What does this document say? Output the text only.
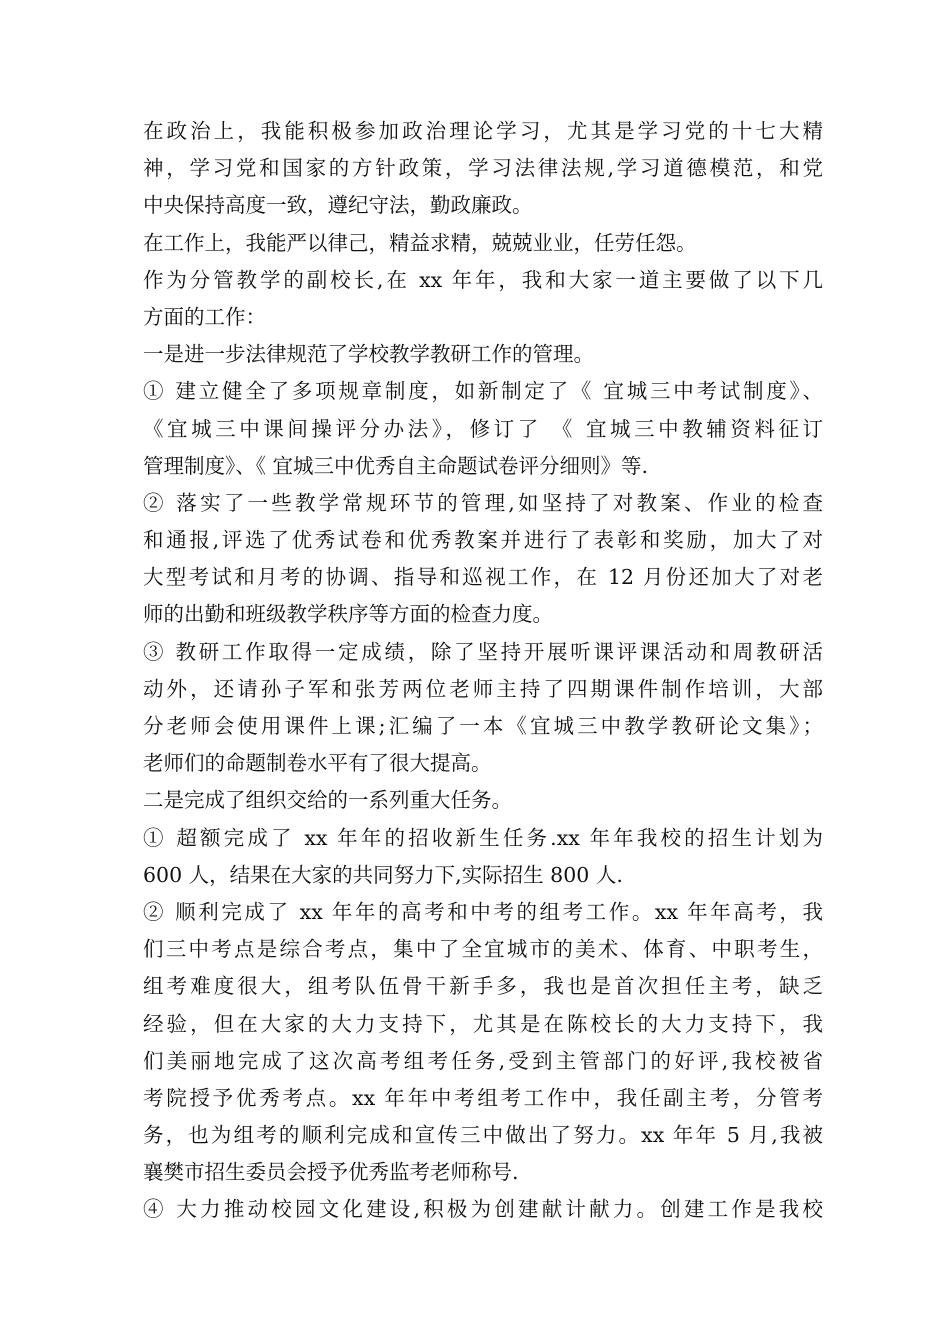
在政治上，我能积极参加政治理论学习，尤其是学习党的十七大精
神，学习党和国家的方针政策，学习法律法规,学习道德模范，和党
中央保持高度一致，遵纪守法，勤政廉政。
在工作上，我能严以律己，精益求精，兢兢业业，任劳任怨。
作为分管教学的副校长,在 xx 年年，我和大家一道主要做了以下几
方面的工作：
一是进一步法律规范了学校教学教研工作的管理。
① 建立健全了多项规章制度，如新制定了《 宜城三中考试制度》、
《宜城三中课间操评分办法》，修订了 《 宜城三中教辅资料征订
管理制度》、《 宜城三中优秀自主命题试卷评分细则》等.
② 落实了一些教学常规环节的管理,如坚持了对教案、作业的检查
和通报,评选了优秀试卷和优秀教案并进行了表彰和奖励，加大了对
大型考试和月考的协调、指导和巡视工作，在 12 月份还加大了对老
师的出勤和班级教学秩序等方面的检查力度。
③ 教研工作取得一定成绩，除了坚持开展听课评课活动和周教研活
动外，还请孙子军和张芳两位老师主持了四期课件制作培训，大部
分老师会使用课件上课;汇编了一本《宜城三中教学教研论文集》；
老师们的命题制卷水平有了很大提高。
二是完成了组织交给的一系列重大任务。
① 超额完成了 xx 年年的招收新生任务.xx 年年我校的招生计划为
600 人，结果在大家的共同努力下,实际招生 800 人.
② 顺利完成了 xx 年年的高考和中考的组考工作。xx 年年高考，我
们三中考点是综合考点，集中了全宜城市的美术、体育、中职考生，
组考难度很大，组考队伍骨干新手多，我也是首次担任主考，缺乏
经验，但在大家的大力支持下，尤其是在陈校长的大力支持下，我
们美丽地完成了这次高考组考任务,受到主管部门的好评,我校被省
考院授予优秀考点。xx 年年中考组考工作中，我任副主考，分管考
务，也为组考的顺利完成和宣传三中做出了努力。xx 年年 5 月,我被
襄樊市招生委员会授予优秀监考老师称号.
④ 大力推动校园文化建设,积极为创建献计献力。创建工作是我校
